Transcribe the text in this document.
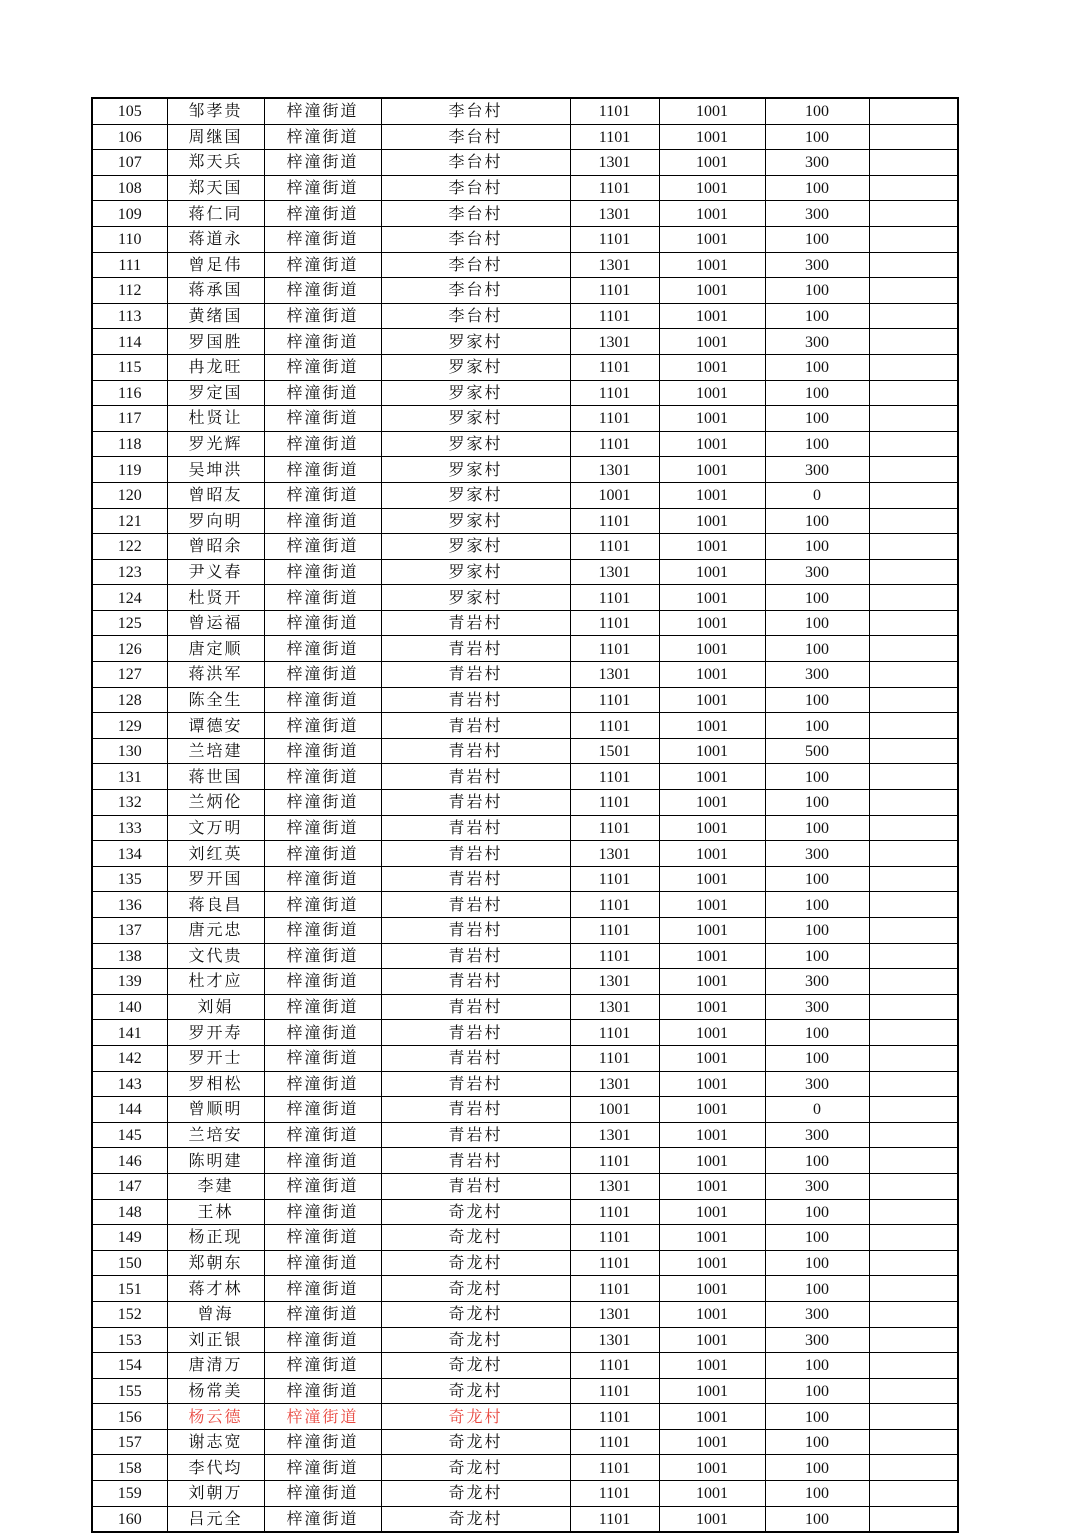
105	邹孝贵	梓潼街道	李台村	1101	1001	100	
106	周继国	梓潼街道	李台村	1101	1001	100	
107	郑天兵	梓潼街道	李台村	1301	1001	300	
108	郑天国	梓潼街道	李台村	1101	1001	100	
109	蒋仁同	梓潼街道	李台村	1301	1001	300	
110	蒋道永	梓潼街道	李台村	1101	1001	100	
111	曾足伟	梓潼街道	李台村	1301	1001	300	
112	蒋承国	梓潼街道	李台村	1101	1001	100	
113	黄绪国	梓潼街道	李台村	1101	1001	100	
114	罗国胜	梓潼街道	罗家村	1301	1001	300	
115	冉龙旺	梓潼街道	罗家村	1101	1001	100	
116	罗定国	梓潼街道	罗家村	1101	1001	100	
117	杜贤让	梓潼街道	罗家村	1101	1001	100	
118	罗光辉	梓潼街道	罗家村	1101	1001	100	
119	吴坤洪	梓潼街道	罗家村	1301	1001	300	
120	曾昭友	梓潼街道	罗家村	1001	1001	0	
121	罗向明	梓潼街道	罗家村	1101	1001	100	
122	曾昭余	梓潼街道	罗家村	1101	1001	100	
123	尹义春	梓潼街道	罗家村	1301	1001	300	
124	杜贤开	梓潼街道	罗家村	1101	1001	100	
125	曾运福	梓潼街道	青岩村	1101	1001	100	
126	唐定顺	梓潼街道	青岩村	1101	1001	100	
127	蒋洪军	梓潼街道	青岩村	1301	1001	300	
128	陈全生	梓潼街道	青岩村	1101	1001	100	
129	谭德安	梓潼街道	青岩村	1101	1001	100	
130	兰培建	梓潼街道	青岩村	1501	1001	500	
131	蒋世国	梓潼街道	青岩村	1101	1001	100	
132	兰炳伦	梓潼街道	青岩村	1101	1001	100	
133	文万明	梓潼街道	青岩村	1101	1001	100	
134	刘红英	梓潼街道	青岩村	1301	1001	300	
135	罗开国	梓潼街道	青岩村	1101	1001	100	
136	蒋良昌	梓潼街道	青岩村	1101	1001	100	
137	唐元忠	梓潼街道	青岩村	1101	1001	100	
138	文代贵	梓潼街道	青岩村	1101	1001	100	
139	杜才应	梓潼街道	青岩村	1301	1001	300	
140	刘娟	梓潼街道	青岩村	1301	1001	300	
141	罗开寿	梓潼街道	青岩村	1101	1001	100	
142	罗开士	梓潼街道	青岩村	1101	1001	100	
143	罗相松	梓潼街道	青岩村	1301	1001	300	
144	曾顺明	梓潼街道	青岩村	1001	1001	0	
145	兰培安	梓潼街道	青岩村	1301	1001	300	
146	陈明建	梓潼街道	青岩村	1101	1001	100	
147	李建	梓潼街道	青岩村	1301	1001	300	
148	王林	梓潼街道	奇龙村	1101	1001	100	
149	杨正现	梓潼街道	奇龙村	1101	1001	100	
150	郑朝东	梓潼街道	奇龙村	1101	1001	100	
151	蒋才林	梓潼街道	奇龙村	1101	1001	100	
152	曾海	梓潼街道	奇龙村	1301	1001	300	
153	刘正银	梓潼街道	奇龙村	1301	1001	300	
154	唐清万	梓潼街道	奇龙村	1101	1001	100	
155	杨常美	梓潼街道	奇龙村	1101	1001	100	
156	杨云德	梓潼街道	奇龙村	1101	1001	100	
157	谢志宽	梓潼街道	奇龙村	1101	1001	100	
158	李代均	梓潼街道	奇龙村	1101	1001	100	
159	刘朝万	梓潼街道	奇龙村	1101	1001	100	
160	吕元全	梓潼街道	奇龙村	1101	1001	100	
